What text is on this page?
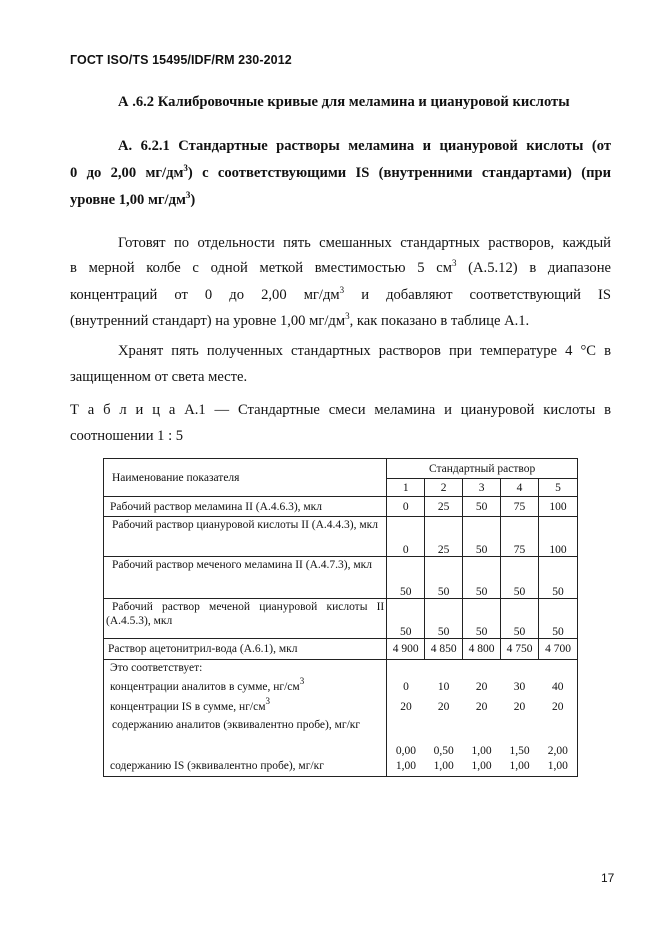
ГОСТ ISO/TS 15495/IDF/RM 230-2012
А .6.2 Калибровочные кривые для меламина и циануровой кислоты
А. 6.2.1 Стандартные растворы меламина и циануровой кислоты (от
0 до 2,00 $мг/дм^3$) с соответствующими IS (внутренними стандартами) (при
уровне 1,00 $мг/дм^3$)
Готовят по отдельности пять смешанных стандартных растворов, каждый
в мерной колбе с одной меткой вместимостью 5 $см^3$ (А.5.12) в диапазоне
концентраций от 0 до 2,00 $мг/дм^3$ и добавляют соответствующий IS
(внутренний стандарт) на уровне 1,00 $мг/дм^3$, как показано в таблице А.1.
Хранят пять полученных стандартных растворов при температуре 4 °С в
защищенном от света месте.
Т а б л и ц а А.1 — Стандартные смеси меламина и циануровой кислоты в
соотношении 1 : 5
Наименование показателя	Стандартный раствор				
	1	2	3	4	5
Рабочий раствор меламина II (А.4.6.3), мкл	0	25	50	75	100
Рабочий раствор циануровой кислоты II (А.4.4.3), мкл	0	25	50	75	100
Рабочий раствор меченого меламина II (А.4.7.3), мкл	50	50	50	50	50
Рабочий раствор меченой циануровой кислоты II (А.4.5.3), мкл	50	50	50	50	50
Раствор ацетонитрил-вода (А.6.1), мкл	4 900	4 850	4 800	4 750	4 700
Это соответствует:					
концентрации аналитов в сумме, $нг/см^3$	0	10	20	30	40
концентрации IS в сумме, $нг/см^3$	20	20	20	20	20
содержанию аналитов (эквивалентно пробе), мг/кг	0,00	0,50	1,00	1,50	2,00
содержанию IS (эквивалентно пробе), мг/кг	1,00	1,00	1,00	1,00	1,00
17
